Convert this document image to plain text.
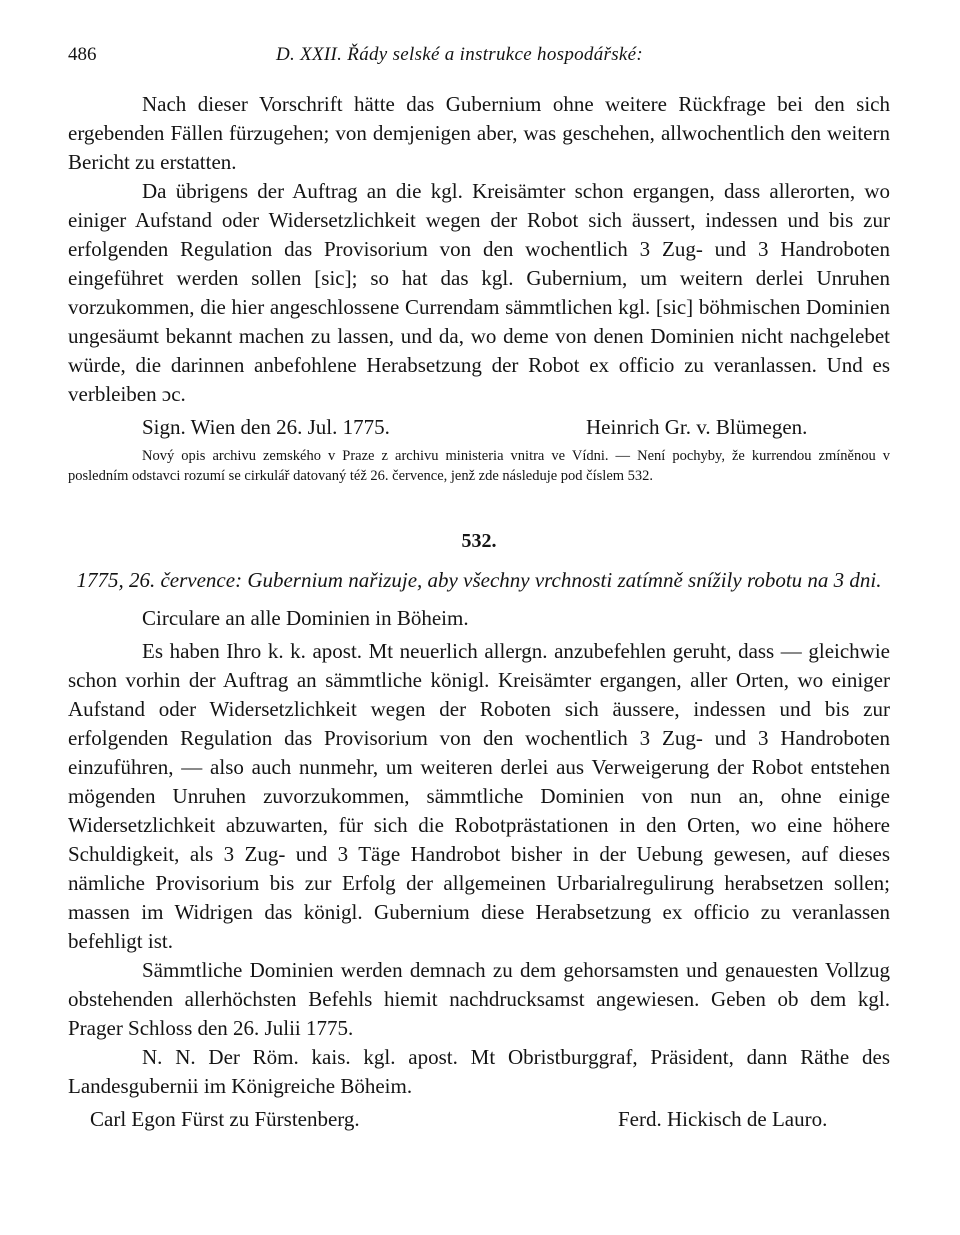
486	D. XXII. Řády selské a instrukce hospodářské:

Nach dieser Vorschrift hätte das Gubernium ohne weitere Rückfrage bei den sich ergebenden Fällen fürzugehen; von demjenigen aber, was geschehen, allwochentlich den weitern Bericht zu erstatten.

Da übrigens der Auftrag an die kgl. Kreisämter schon ergangen, dass allerorten, wo einiger Aufstand oder Widersetzlichkeit wegen der Robot sich äussert, indessen und bis zur erfolgenden Regulation das Provisorium von den wochentlich 3 Zug- und 3 Handroboten eingeführet werden sollen [sic]; so hat das kgl. Gubernium, um weitern derlei Unruhen vorzukommen, die hier angeschlossene Currendam sämmtlichen kgl. [sic] böhmischen Dominien ungesäumt bekannt machen zu lassen, und da, wo deme von denen Dominien nicht nachgelebet würde, die darinnen anbefohlene Herabsetzung der Robot ex officio zu veranlassen. Und es verbleiben ɔc.

Sign. Wien den 26. Jul. 1775.	Heinrich Gr. v. Blümegen.

Nový opis archivu zemského v Praze z archivu ministeria vnitra ve Vídni. — Není pochyby, že kurrendou zmíněnou v posledním odstavci rozumí se cirkulář datovaný též 26. července, jenž zde následuje pod číslem 532.

532.
1775, 26. července: Gubernium nařizuje, aby všechny vrchnosti zatímně snížily robotu na 3 dni.

Circulare an alle Dominien in Böheim.

Es haben Ihro k. k. apost. Mt neuerlich allergn. anzubefehlen geruht, dass — gleichwie schon vorhin der Auftrag an sämmtliche königl. Kreisämter ergangen, aller Orten, wo einiger Aufstand oder Widersetzlichkeit wegen der Roboten sich äussere, indessen und bis zur erfolgenden Regulation das Provisorium von den wochentlich 3 Zug- und 3 Handroboten einzuführen, — also auch nunmehr, um weiteren derlei aus Verweigerung der Robot entstehen mögenden Unruhen zuvorzukommen, sämmtliche Dominien von nun an, ohne einige Widersetzlichkeit abzuwarten, für sich die Robotprästationen in den Orten, wo eine höhere Schuldigkeit, als 3 Zug- und 3 Täge Handrobot bisher in der Uebung gewesen, auf dieses nämliche Provisorium bis zur Erfolg der allgemeinen Urbarialregulirung herabsetzen sollen; massen im Widrigen das königl. Gubernium diese Herabsetzung ex officio zu veranlassen befehligt ist.

Sämmtliche Dominien werden demnach zu dem gehorsamsten und genauesten Vollzug obstehenden allerhöchsten Befehls hiemit nachdrucksamst angewiesen. Geben ob dem kgl. Prager Schloss den 26. Julii 1775.

N. N. Der Röm. kais. kgl. apost. Mt Obristburggraf, Präsident, dann Räthe des Landesgubernii im Königreiche Böheim.

Carl Egon Fürst zu Fürstenberg.	Ferd. Hickisch de Lauro.
